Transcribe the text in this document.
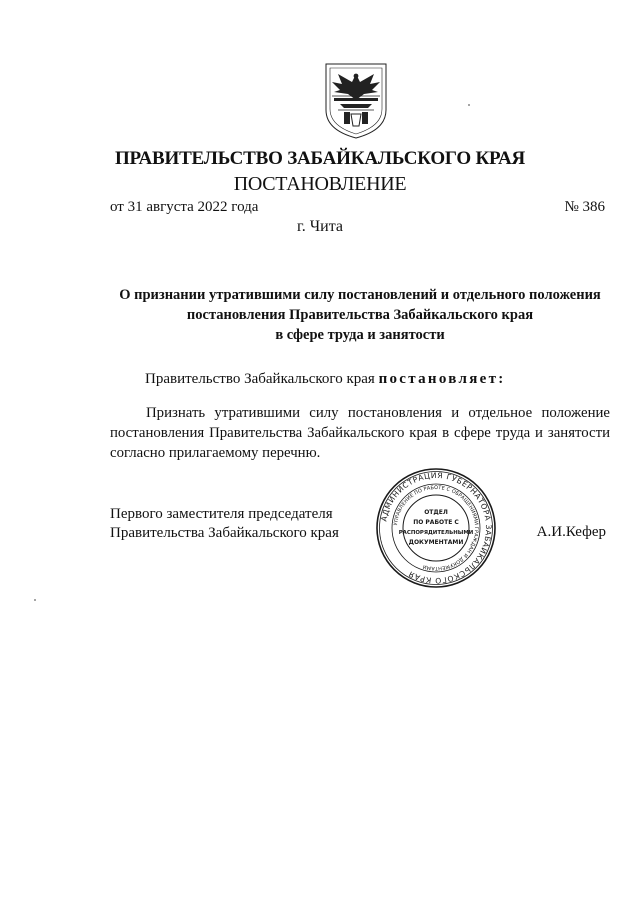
ПРАВИТЕЛЬСТВО ЗАБАЙКАЛЬСКОГО КРАЯ
ПОСТАНОВЛЕНИЕ
от 31 августа 2022 года	№ 386
г. Чита
О признании утратившими силу постановлений и отдельного положения
постановления Правительства Забайкальского края
в сфере труда и занятости
Правительство Забайкальского края постановляет:
Признать утратившими силу постановления и отдельное положение
постановления Правительства Забайкальского края в сфере труда и занятости
согласно прилагаемому перечню.
Первого заместителя председателя
Правительства Забайкальского края	А.И.Кефер
АДМИНИСТРАЦИЯ ГУБЕРНАТОРА ЗАБАЙКАЛЬСКОГО КРАЯ
УПРАВЛЕНИЕ ПО РАБОТЕ С ОБРАЩЕНИЯМИ ГРАЖДАН И ДОКУМЕНТАМИ
ОТДЕЛ
ПО РАБОТЕ С
РАСПОРЯДИТЕЛЬНЫМИ
ДОКУМЕНТАМИ
